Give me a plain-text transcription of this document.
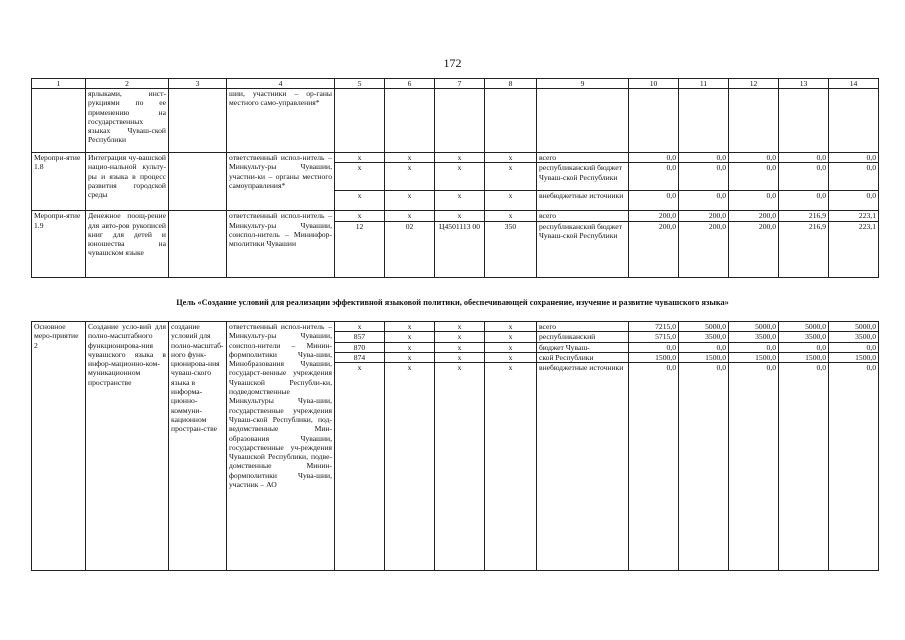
172
1	2	3	4	5	6	7	8	9	10	11	12	13	14
	ярлыками, инст-рукциями по ее применению на государственных языках Чуваш-ской Республики		шии, участники – ор-ганы местного само-управления*										
Меропри-ятие 1.8	Интеграция чу-вашской нацио-нальной культу-ры и языка в процесс развития городской среды		ответственный испол-нитель – Минкульту-ры Чувашии, участни-ки – органы местного самоуправления*	x	x	x	x	всего	0,0	0,0	0,0	0,0	0,0
				x	x	x	x	республиканский бюджет Чуваш-ской Республики	0,0	0,0	0,0	0,0	0,0
				x	x	x	x	внебюджетные источники	0,0	0,0	0,0	0,0	0,0
Меропри-ятие 1.9	Денежное поощ-рение для авто-ров рукописей книг для детей и юношества на чувашском языке		ответственный испол-нитель – Минкульту-ры Чувашии, соиспол-нитель – Мининфор-мполитики Чувашии	x	x	x	x	всего	200,0	200,0	200,0	216,9	223,1
				12	02	Ц4501113 00	350	республиканский бюджет Чуваш-ской Республики	200,0	200,0	200,0	216,9	223,1
Цель «Создание условий для реализации эффективной языковой политики, обеспечивающей сохранение, изучение и развитие чувашского языка»
Основное меро-приятие 2	Создание усло-вий для полно-масштабного функционирова-ния чувашского языка в инфор-мационно-ком-муникационном пространстве	создание условий для полно-масштаб-ного функ-ционирова-ния чуваш-ского языка в информа-ционно-коммуни-кационном простран-стве	ответственный испол-нитель – Минкульту-ры Чувашии, соиспол-нители – Минин-формполитики Чува-шии, Минобразования Чувашии, государст-венные учреждения Чувашской Республи-ки, подведомственные Минкультуры Чува-шии, государственные учреждения Чуваш-ской Республики, под-ведомственные Мин-образования Чувашии, государственные уч-реждения Чувашской Республики, подве-домственные Минин-формполитики Чува-шии, участник – АО	x	x	x	x	всего	7215,0	5000,0	5000,0	5000,0	5000,0
				857	x	x	x	республиканский	5715,0	3500,0	3500,0	3500,0	3500,0
				870	x	x	x	бюджет Чуваш-	0,0	0,0	0,0	0,0	0,0
				874	x	x	x	ской Республики	1500,0	1500,0	1500,0	1500,0	1500,0
				x	x	x	x	внебюджетные источники	0,0	0,0	0,0	0,0	0,0
